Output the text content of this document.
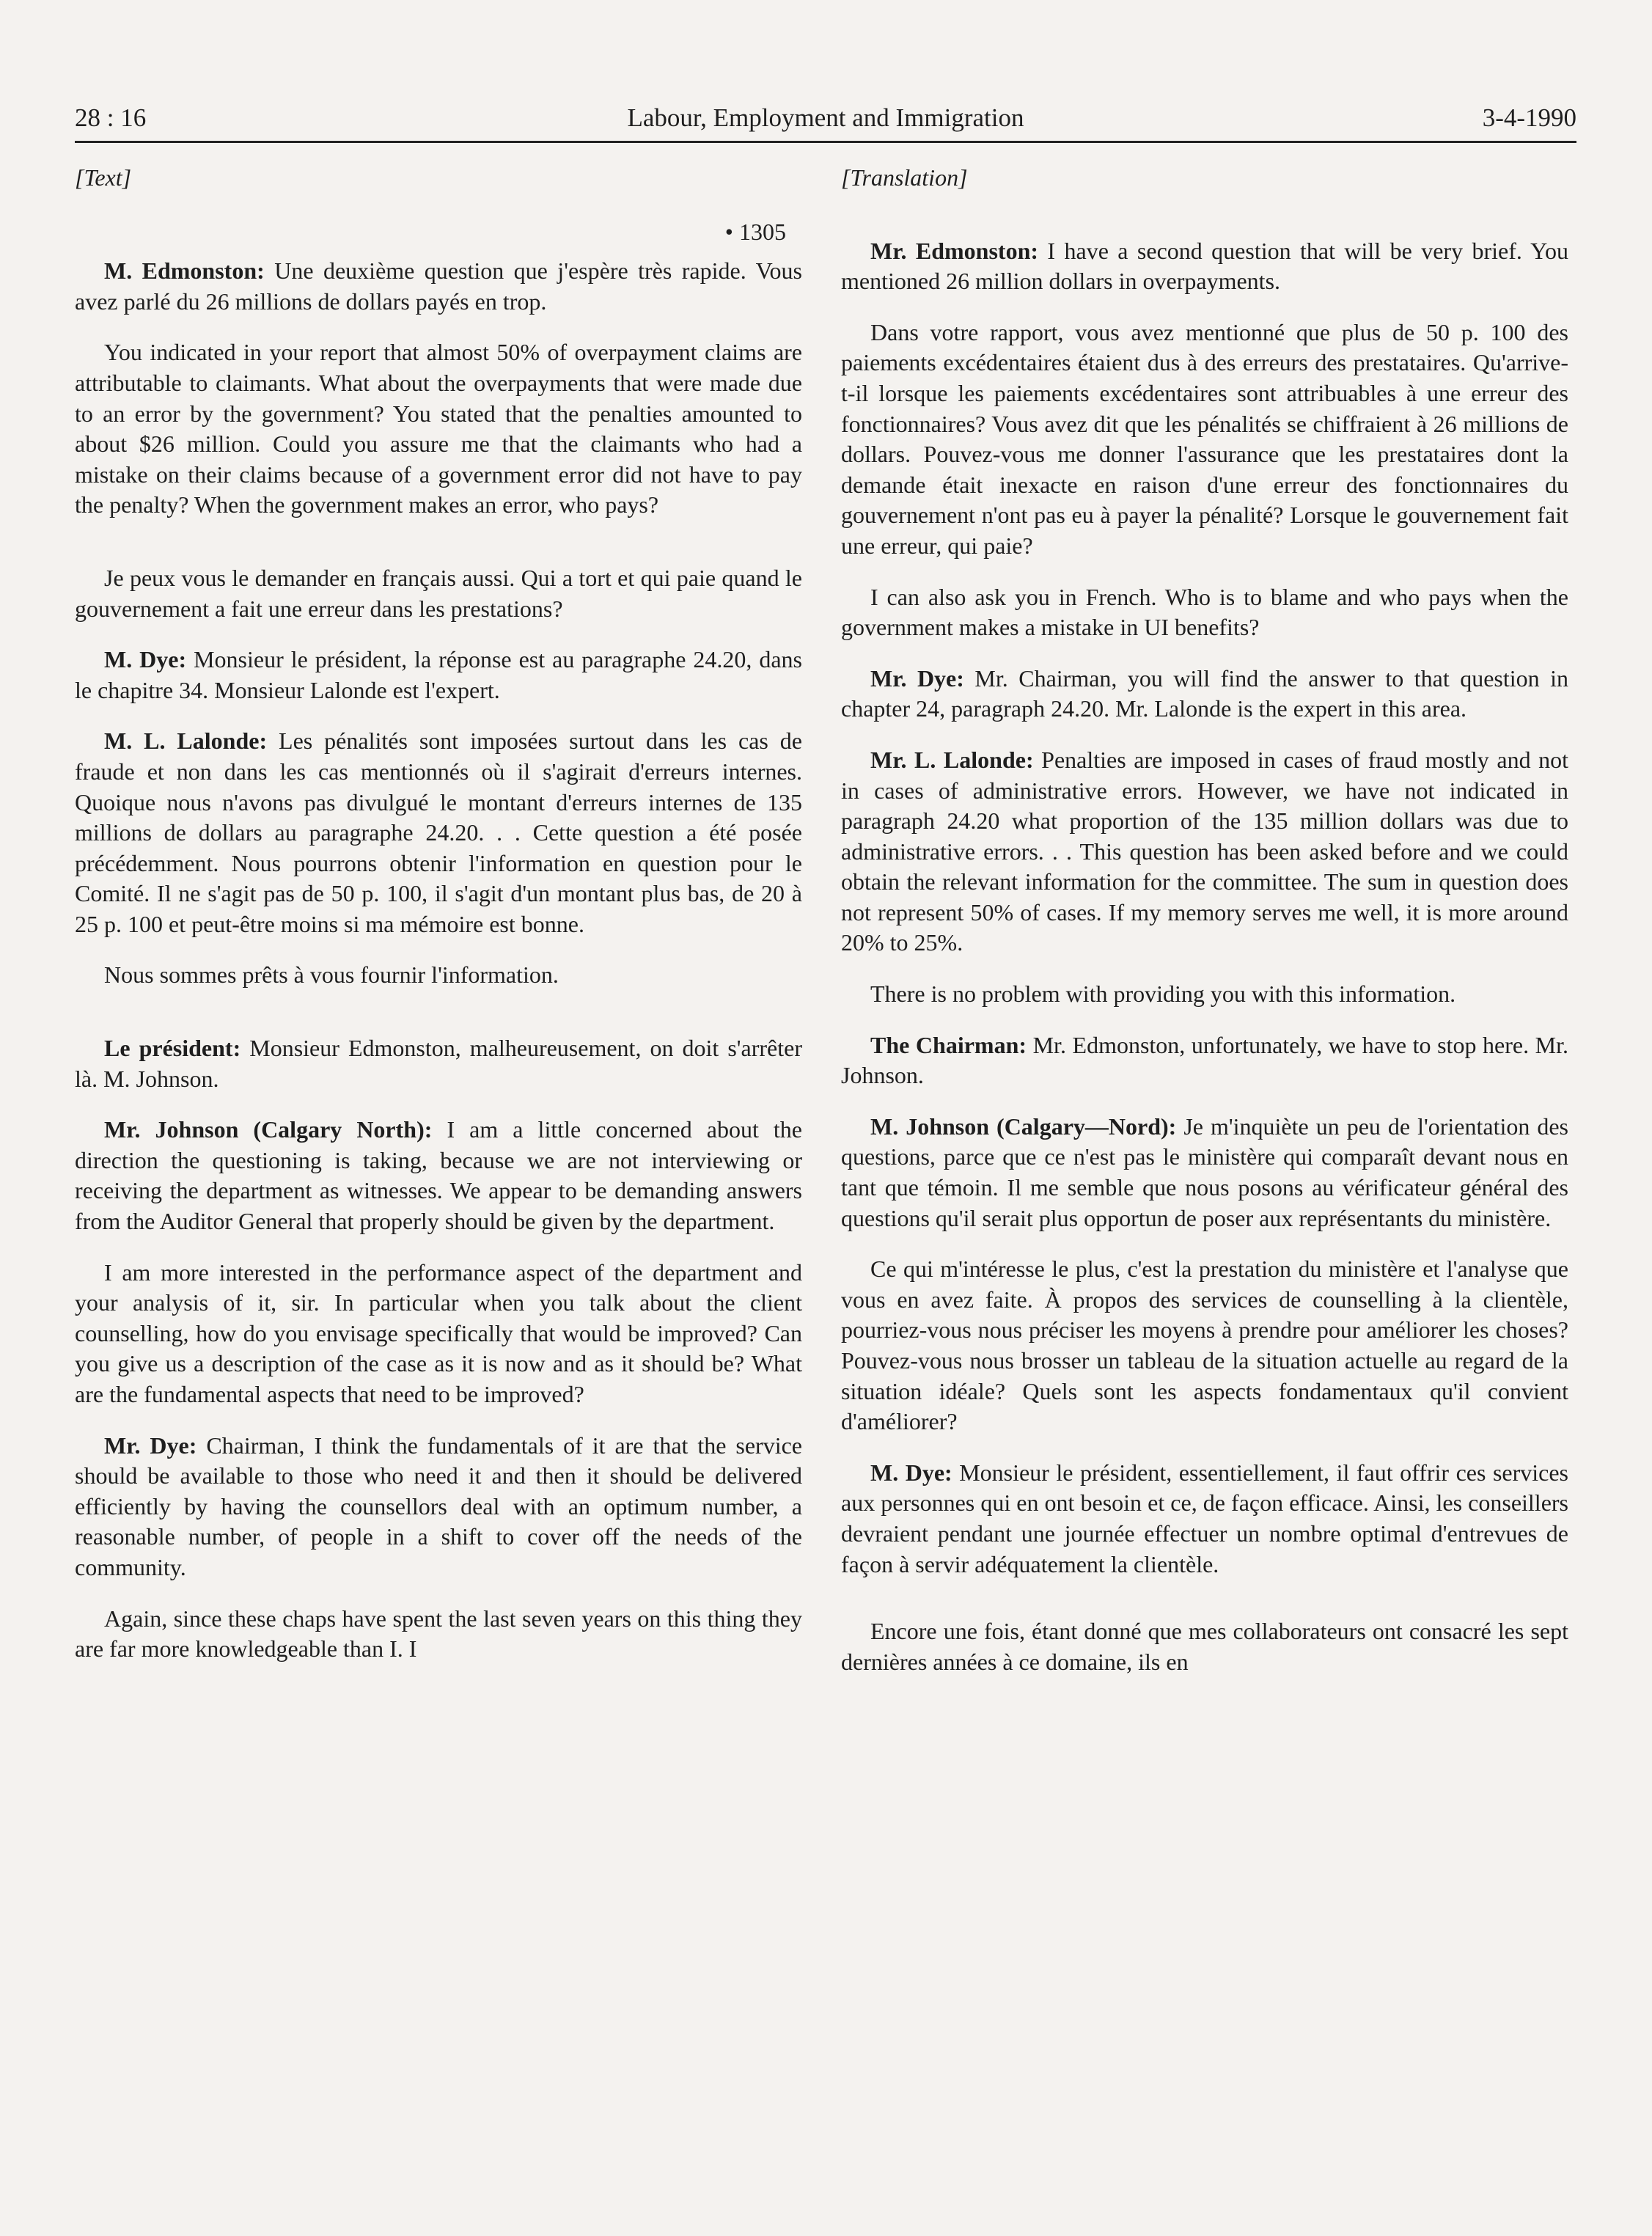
28 : 16	Labour, Employment and Immigration	3-4-1990
[Text]
• 1305

M. Edmonston: Une deuxième question que j'espère très rapide. Vous avez parlé du 26 millions de dollars payés en trop.

You indicated in your report that almost 50% of overpayment claims are attributable to claimants. What about the overpayments that were made due to an error by the government? You stated that the penalties amounted to about $26 million. Could you assure me that the claimants who had a mistake on their claims because of a government error did not have to pay the penalty? When the government makes an error, who pays?

Je peux vous le demander en français aussi. Qui a tort et qui paie quand le gouvernement a fait une erreur dans les prestations?

M. Dye: Monsieur le président, la réponse est au paragraphe 24.20, dans le chapitre 34. Monsieur Lalonde est l'expert.

M. L. Lalonde: Les pénalités sont imposées surtout dans les cas de fraude et non dans les cas mentionnés où il s'agirait d'erreurs internes. Quoique nous n'avons pas divulgué le montant d'erreurs internes de 135 millions de dollars au paragraphe 24.20. . . Cette question a été posée précédemment. Nous pourrons obtenir l'information en question pour le Comité. Il ne s'agit pas de 50 p. 100, il s'agit d'un montant plus bas, de 20 à 25 p. 100 et peut-être moins si ma mémoire est bonne.

Nous sommes prêts à vous fournir l'information.

Le président: Monsieur Edmonston, malheureusement, on doit s'arrêter là. M. Johnson.

Mr. Johnson (Calgary North): I am a little concerned about the direction the questioning is taking, because we are not interviewing or receiving the department as witnesses. We appear to be demanding answers from the Auditor General that properly should be given by the department.

I am more interested in the performance aspect of the department and your analysis of it, sir. In particular when you talk about the client counselling, how do you envisage specifically that would be improved? Can you give us a description of the case as it is now and as it should be? What are the fundamental aspects that need to be improved?

Mr. Dye: Chairman, I think the fundamentals of it are that the service should be available to those who need it and then it should be delivered efficiently by having the counsellors deal with an optimum number, a reasonable number, of people in a shift to cover off the needs of the community.

Again, since these chaps have spent the last seven years on this thing they are far more knowledgeable than I. I

[Translation]

Mr. Edmonston: I have a second question that will be very brief. You mentioned 26 million dollars in overpayments.

Dans votre rapport, vous avez mentionné que plus de 50 p. 100 des paiements excédentaires étaient dus à des erreurs des prestataires. Qu'arrive-t-il lorsque les paiements excédentaires sont attribuables à une erreur des fonctionnaires? Vous avez dit que les pénalités se chiffraient à 26 millions de dollars. Pouvez-vous me donner l'assurance que les prestataires dont la demande était inexacte en raison d'une erreur des fonctionnaires du gouvernement n'ont pas eu à payer la pénalité? Lorsque le gouvernement fait une erreur, qui paie?

I can also ask you in French. Who is to blame and who pays when the government makes a mistake in UI benefits?

Mr. Dye: Mr. Chairman, you will find the answer to that question in chapter 24, paragraph 24.20. Mr. Lalonde is the expert in this area.

Mr. L. Lalonde: Penalties are imposed in cases of fraud mostly and not in cases of administrative errors. However, we have not indicated in paragraph 24.20 what proportion of the 135 million dollars was due to administrative errors. . . This question has been asked before and we could obtain the relevant information for the committee. The sum in question does not represent 50% of cases. If my memory serves me well, it is more around 20% to 25%.

There is no problem with providing you with this information.

The Chairman: Mr. Edmonston, unfortunately, we have to stop here. Mr. Johnson.

M. Johnson (Calgary—Nord): Je m'inquiète un peu de l'orientation des questions, parce que ce n'est pas le ministère qui comparaît devant nous en tant que témoin. Il me semble que nous posons au vérificateur général des questions qu'il serait plus opportun de poser aux représentants du ministère.

Ce qui m'intéresse le plus, c'est la prestation du ministère et l'analyse que vous en avez faite. À propos des services de counselling à la clientèle, pourriez-vous nous préciser les moyens à prendre pour améliorer les choses? Pouvez-vous nous brosser un tableau de la situation actuelle au regard de la situation idéale? Quels sont les aspects fondamentaux qu'il convient d'améliorer?

M. Dye: Monsieur le président, essentiellement, il faut offrir ces services aux personnes qui en ont besoin et ce, de façon efficace. Ainsi, les conseillers devraient pendant une journée effectuer un nombre optimal d'entrevues de façon à servir adéquatement la clientèle.

Encore une fois, étant donné que mes collaborateurs ont consacré les sept dernières années à ce domaine, ils en
